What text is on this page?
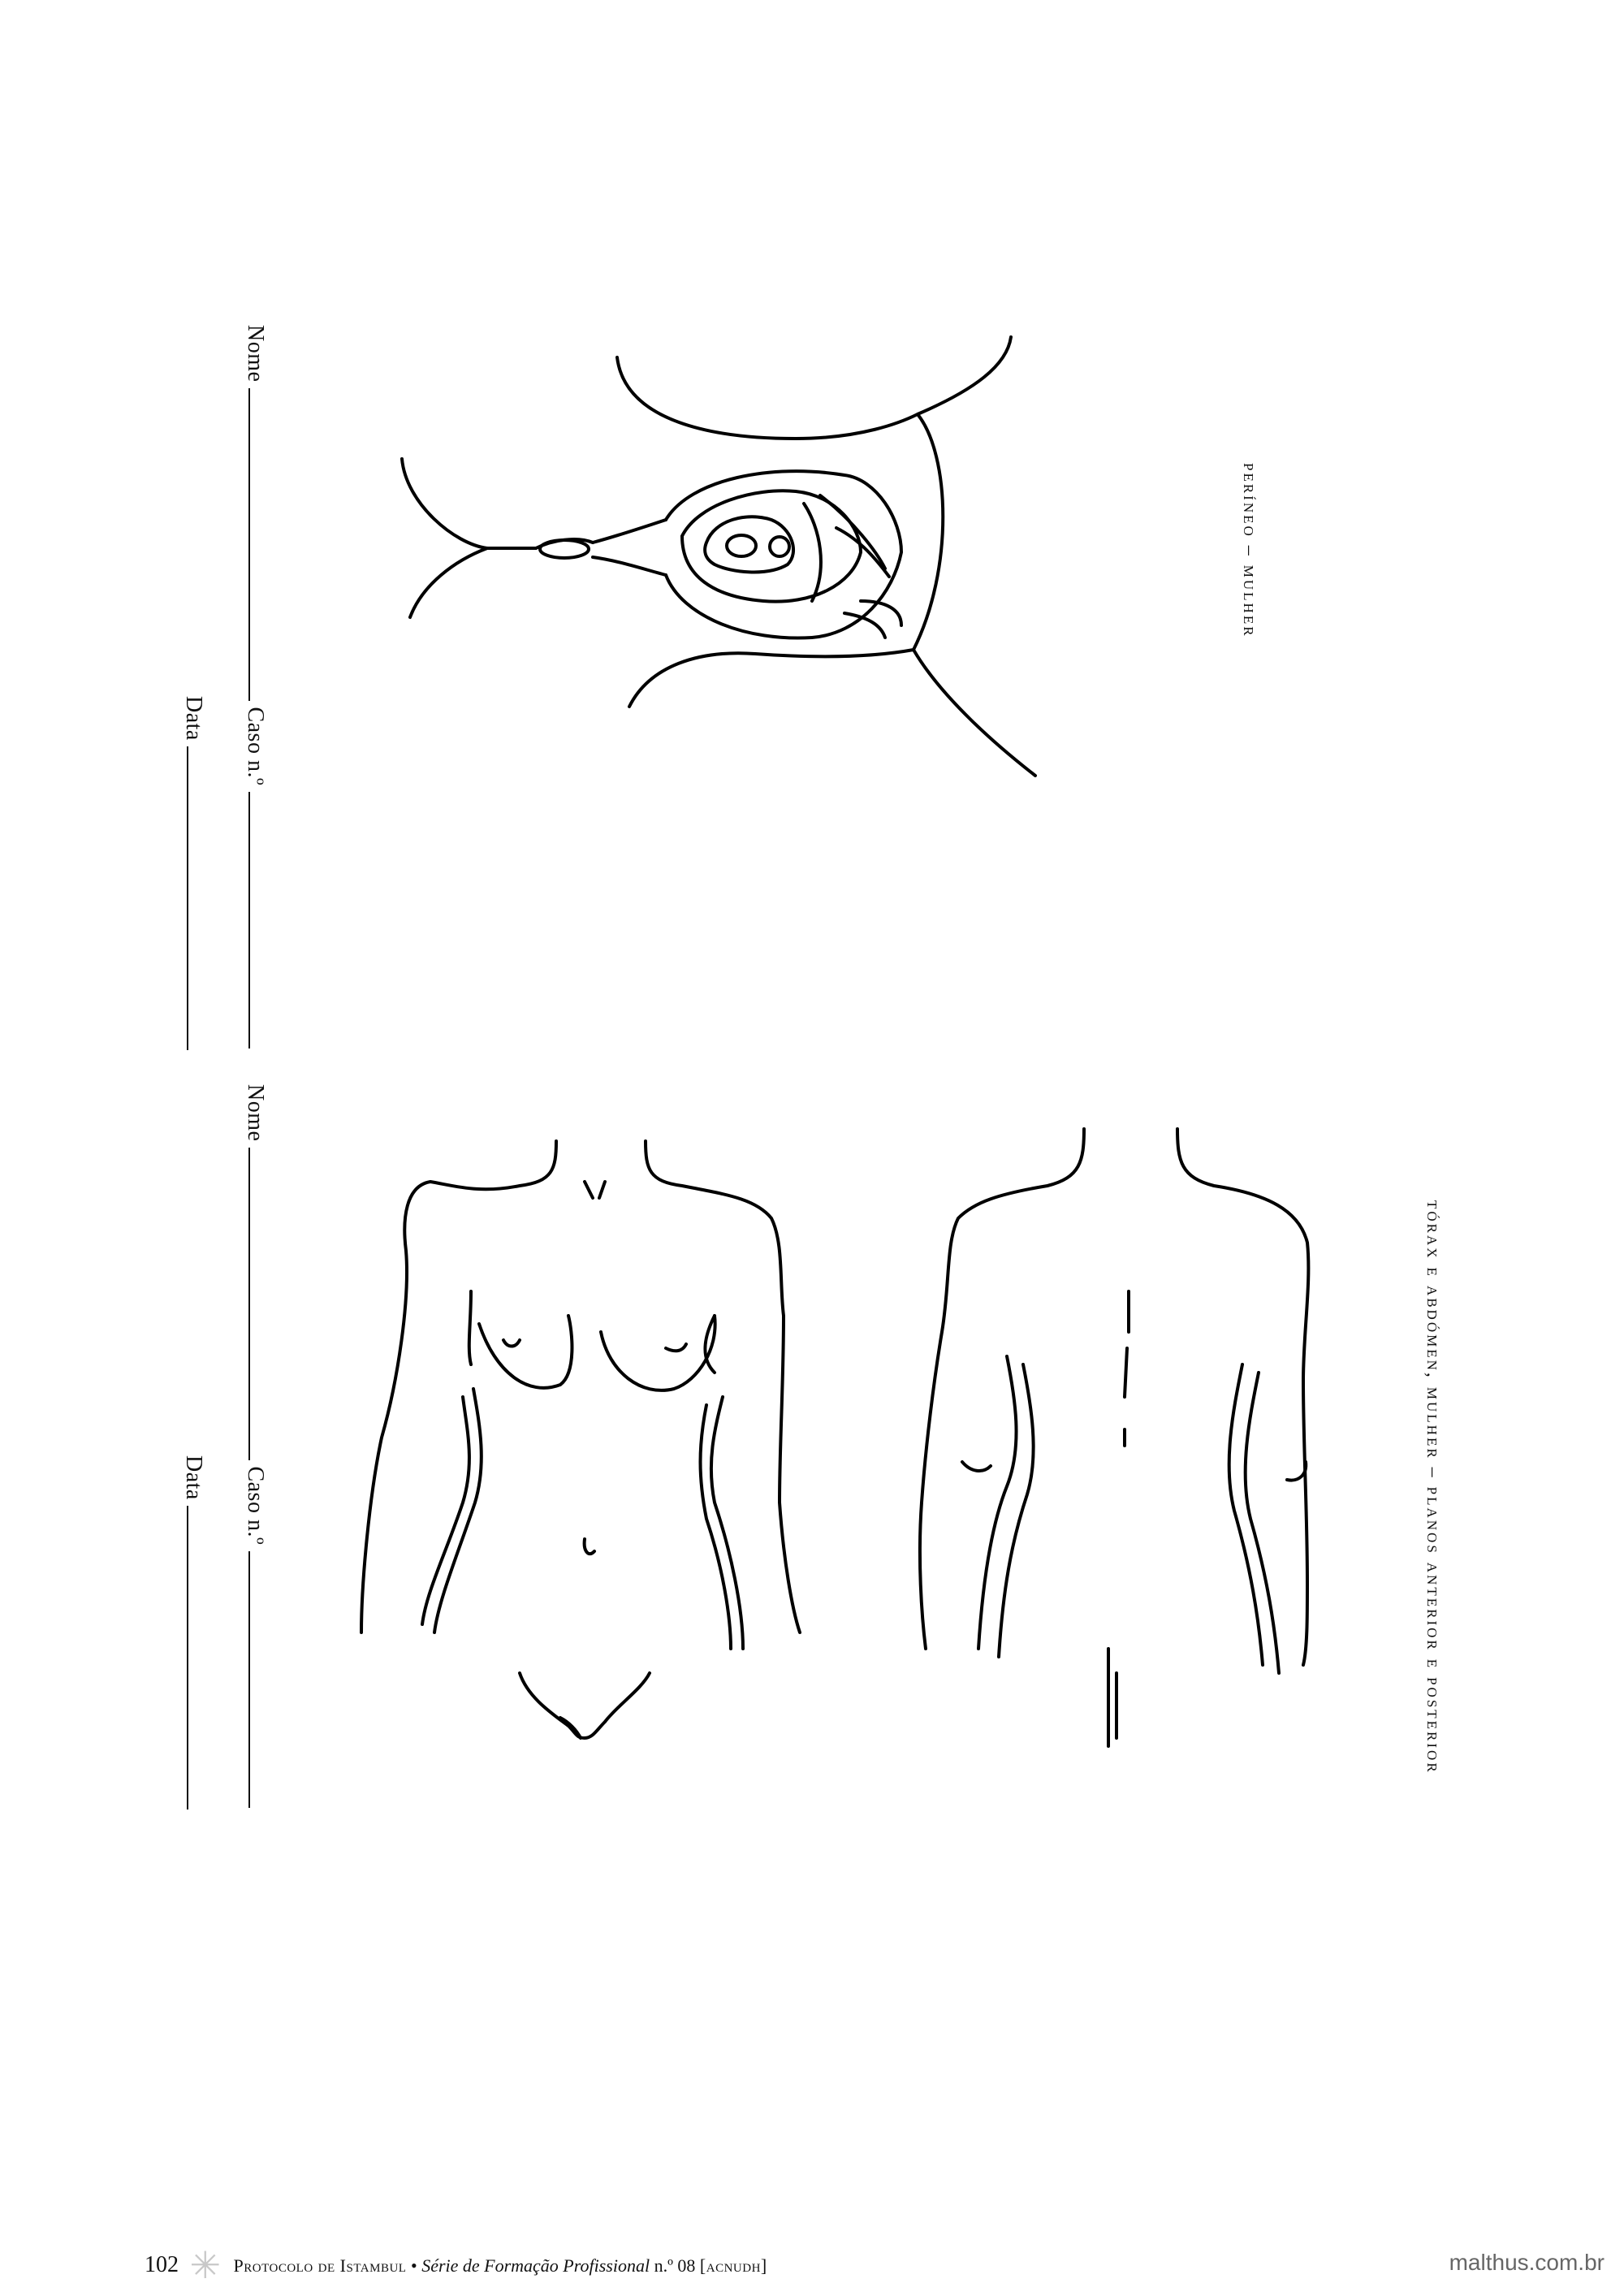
Nome  Caso n.º
Data
Nome  Caso n.º
Data
períneo – mulher
tórax e abdómen, mulher – planos anterior e posterior
102 ✳ Protocolo de Istambul • Série de Formação Profissional n.º 08 [acnudh]	malthus.com.br
